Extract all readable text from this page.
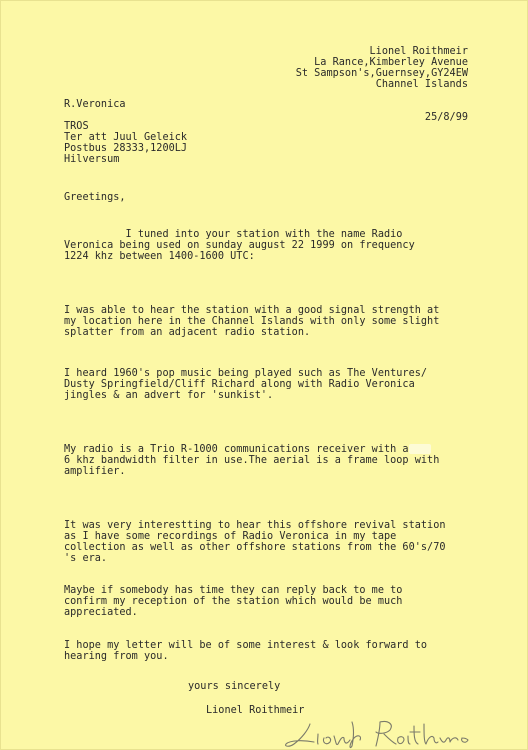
Lionel Roithmeir
La Rance,Kimberley Avenue
St Sampson's,Guernsey,GY24EW
Channel Islands
R.Veronica
25/8/99
TROS
Ter att Juul Geleick
Postbus 28333,1200LJ
Hilversum
Greetings,
I tuned into your station with the name Radio
Veronica being used on sunday august 22 1999 on frequency
1224 khz between 1400-1600 UTC:
I was able to hear the station with a good signal strength at
my location here in the Channel Islands with only some slight
splatter from an adjacent radio station.
I heard 1960's pop music being played such as The Ventures/
Dusty Springfield/Cliff Richard along with Radio Veronica
jingles & an advert for 'sunkist'.
My radio is a Trio R-1000 communications receiver with a
6 khz bandwidth filter in use.The aerial is a frame loop with
amplifier.
It was very interestting to hear this offshore revival station
as I have some recordings of Radio Veronica in my tape
collection as well as other offshore stations from the 60's/70
's era.
Maybe if somebody has time they can reply back to me to
confirm my reception of the station which would be much
appreciated.
I hope my letter will be of some interest & look forward to
hearing from you.
yours sincerely
Lionel Roithmeir
